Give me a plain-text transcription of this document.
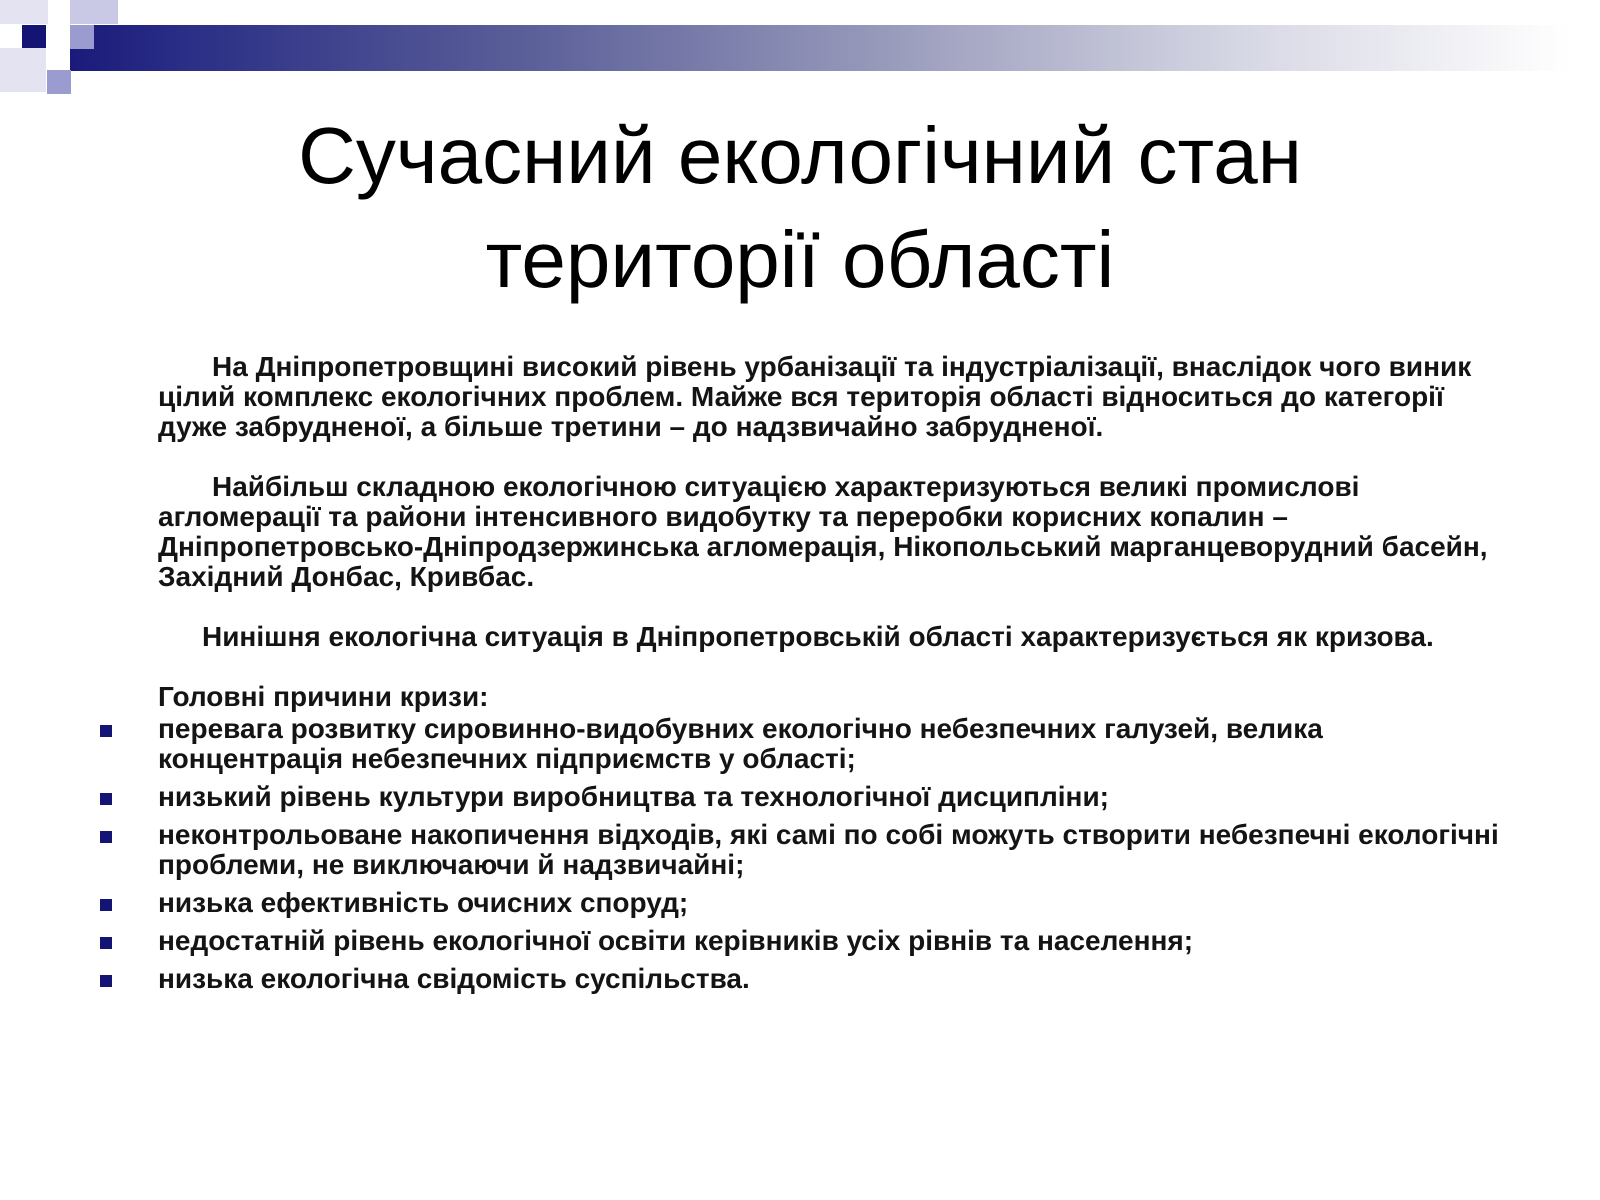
Сучасний екологічний стан
території області

На Дніпропетровщині високий рівень урбанізації та індустріалізації, внаслідок чого виник цілий комплекс екологічних проблем. Майже вся територія області відноситься до категорії дуже забрудненої, а більше третини – до надзвичайно забрудненої.

Найбільш складною екологічною ситуацією характеризуються великі промислові агломерації та райони інтенсивного видобутку та переробки корисних копалин – Дніпропетровсько-Дніпродзержинська агломерація, Нікопольський марганцеворудний басейн, Західний Донбас, Кривбас.

Нинішня екологічна ситуація в Дніпропетровській області характеризується як кризова.

Головні причини кризи:

перевага розвитку сировинно-видобувних екологічно небезпечних галузей, велика концентрація небезпечних підприємств у області;
низький рівень культури виробництва та технологічної дисципліни;
неконтрольоване накопичення відходів, які самі по собі можуть створити небезпечні екологічні проблеми, не виключаючи й надзвичайні;
низька ефективність очисних споруд;
недостатній рівень екологічної освіти керівників усіх рівнів та населення;
низька екологічна свідомість суспільства.
